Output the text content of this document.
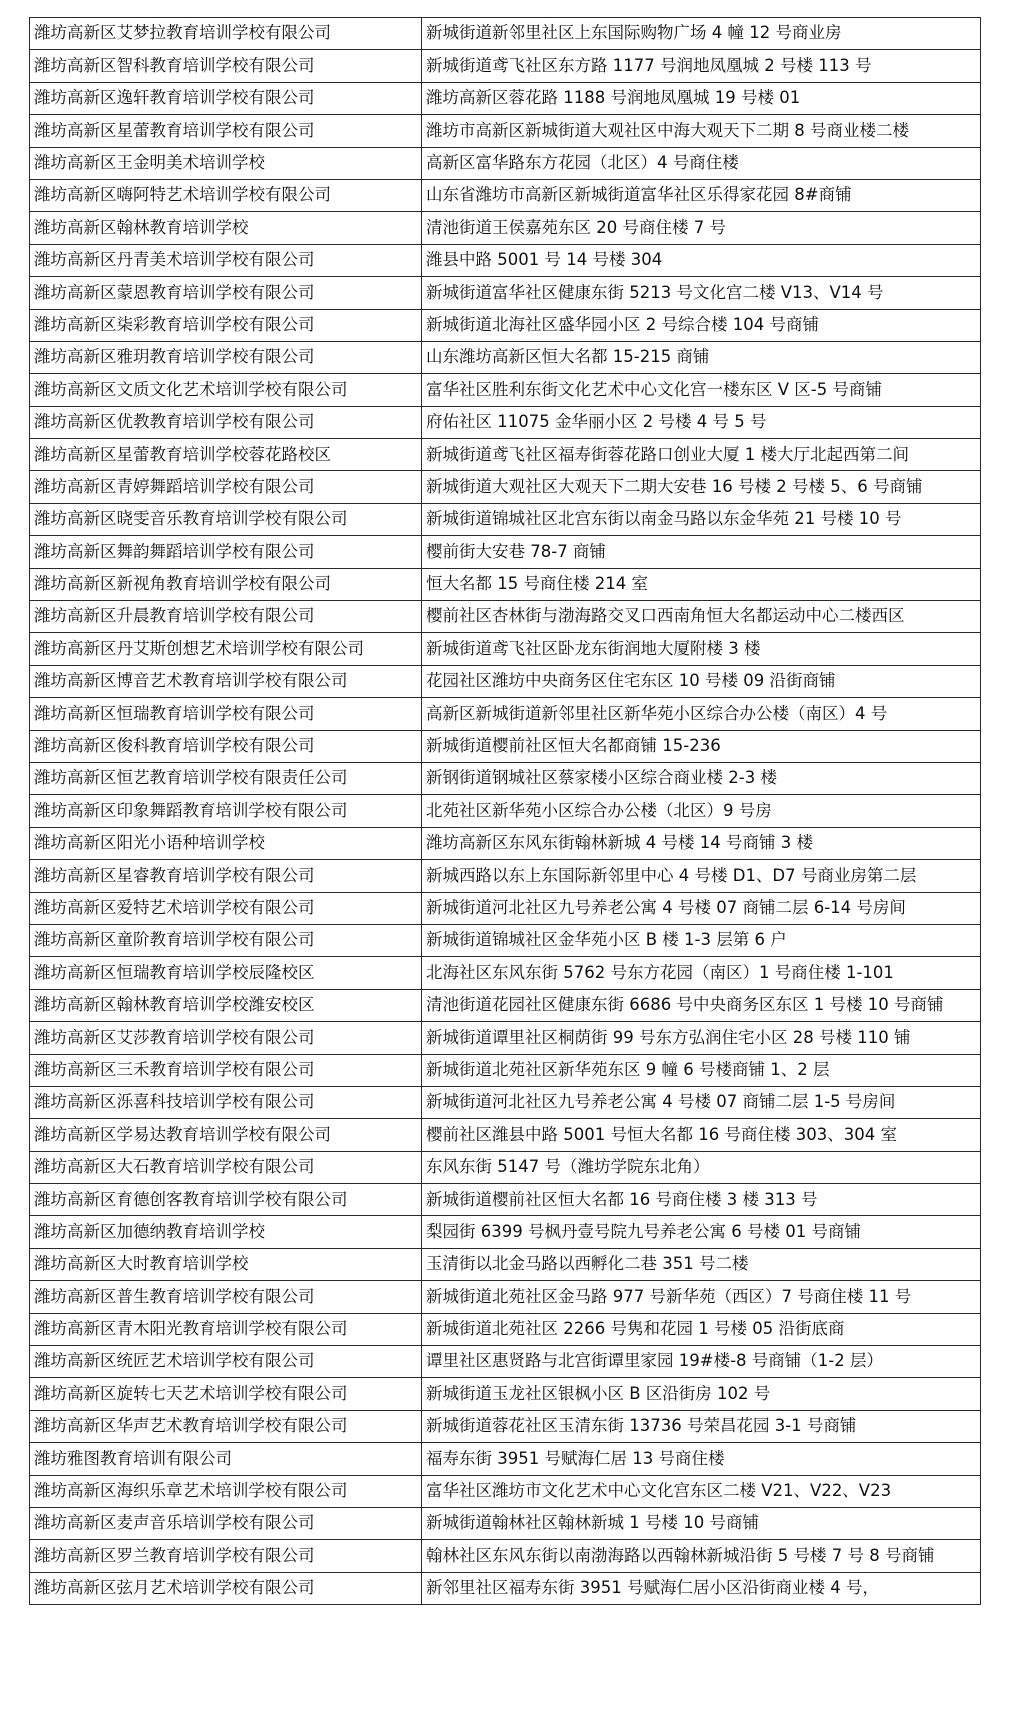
潍坊高新区艾梦拉教育培训学校有限公司	新城街道新邻里社区上东国际购物广场 4 幢 12 号商业房
潍坊高新区智科教育培训学校有限公司	新城街道鸢飞社区东方路 1177 号润地凤凰城 2 号楼 113 号
潍坊高新区逸轩教育培训学校有限公司	潍坊高新区蓉花路 1188 号润地凤凰城 19 号楼 01
潍坊高新区星蕾教育培训学校有限公司	潍坊市高新区新城街道大观社区中海大观天下二期 8 号商业楼二楼
潍坊高新区王金明美术培训学校	高新区富华路东方花园（北区）4 号商住楼
潍坊高新区嗨阿特艺术培训学校有限公司	山东省潍坊市高新区新城街道富华社区乐得家花园 8#商铺
潍坊高新区翰林教育培训学校	清池街道王侯嘉苑东区 20 号商住楼 7 号
潍坊高新区丹青美术培训学校有限公司	潍县中路 5001 号 14 号楼 304
潍坊高新区蒙恩教育培训学校有限公司	新城街道富华社区健康东街 5213 号文化宫二楼 V13、V14 号
潍坊高新区柒彩教育培训学校有限公司	新城街道北海社区盛华园小区 2 号综合楼 104 号商铺
潍坊高新区雅玥教育培训学校有限公司	山东潍坊高新区恒大名都 15-215 商铺
潍坊高新区文质文化艺术培训学校有限公司	富华社区胜利东街文化艺术中心文化宫一楼东区 V 区-5 号商铺
潍坊高新区优教教育培训学校有限公司	府佑社区 11075 金华丽小区 2 号楼 4 号 5 号
潍坊高新区星蕾教育培训学校蓉花路校区	新城街道鸢飞社区福寿街蓉花路口创业大厦 1 楼大厅北起西第二间
潍坊高新区青婷舞蹈培训学校有限公司	新城街道大观社区大观天下二期大安巷 16 号楼 2 号楼 5、6 号商铺
潍坊高新区晓雯音乐教育培训学校有限公司	新城街道锦城社区北宫东街以南金马路以东金华苑 21 号楼 10 号
潍坊高新区舞韵舞蹈培训学校有限公司	樱前街大安巷 78-7 商铺
潍坊高新区新视角教育培训学校有限公司	恒大名都 15 号商住楼 214 室
潍坊高新区升晨教育培训学校有限公司	樱前社区杏林街与渤海路交叉口西南角恒大名都运动中心二楼西区
潍坊高新区丹艾斯创想艺术培训学校有限公司	新城街道鸢飞社区卧龙东街润地大厦附楼 3 楼
潍坊高新区博音艺术教育培训学校有限公司	花园社区潍坊中央商务区住宅东区 10 号楼 09 沿街商铺
潍坊高新区恒瑞教育培训学校有限公司	高新区新城街道新邻里社区新华苑小区综合办公楼（南区）4 号
潍坊高新区俊科教育培训学校有限公司	新城街道樱前社区恒大名都商铺 15-236
潍坊高新区恒艺教育培训学校有限责任公司	新钢街道钢城社区蔡家楼小区综合商业楼 2-3 楼
潍坊高新区印象舞蹈教育培训学校有限公司	北苑社区新华苑小区综合办公楼（北区）9 号房
潍坊高新区阳光小语种培训学校	潍坊高新区东风东街翰林新城 4 号楼 14 号商铺 3 楼
潍坊高新区星睿教育培训学校有限公司	新城西路以东上东国际新邻里中心 4 号楼 D1、D7 号商业房第二层
潍坊高新区爱特艺术培训学校有限公司	新城街道河北社区九号养老公寓 4 号楼 07 商铺二层 6-14 号房间
潍坊高新区童阶教育培训学校有限公司	新城街道锦城社区金华苑小区 B 楼 1-3 层第 6 户
潍坊高新区恒瑞教育培训学校辰隆校区	北海社区东风东街 5762 号东方花园（南区）1 号商住楼 1-101
潍坊高新区翰林教育培训学校潍安校区	清池街道花园社区健康东街 6686 号中央商务区东区 1 号楼 10 号商铺
潍坊高新区艾莎教育培训学校有限公司	新城街道谭里社区桐荫街 99 号东方弘润住宅小区 28 号楼 110 铺
潍坊高新区三禾教育培训学校有限公司	新城街道北苑社区新华苑东区 9 幢 6 号楼商铺 1、2 层
潍坊高新区泺喜科技培训学校有限公司	新城街道河北社区九号养老公寓 4 号楼 07 商铺二层 1-5 号房间
潍坊高新区学易达教育培训学校有限公司	樱前社区潍县中路 5001 号恒大名都 16 号商住楼 303、304 室
潍坊高新区大石教育培训学校有限公司	东风东街 5147 号（潍坊学院东北角）
潍坊高新区育德创客教育培训学校有限公司	新城街道樱前社区恒大名都 16 号商住楼 3 楼 313 号
潍坊高新区加德纳教育培训学校	梨园街 6399 号枫丹壹号院九号养老公寓 6 号楼 01 号商铺
潍坊高新区大时教育培训学校	玉清街以北金马路以西孵化二巷 351 号二楼
潍坊高新区普生教育培训学校有限公司	新城街道北苑社区金马路 977 号新华苑（西区）7 号商住楼 11 号
潍坊高新区青木阳光教育培训学校有限公司	新城街道北苑社区 2266 号隽和花园 1 号楼 05 沿街底商
潍坊高新区统匠艺术培训学校有限公司	谭里社区惠贤路与北宫街谭里家园 19#楼-8 号商铺（1-2 层）
潍坊高新区旋转七天艺术培训学校有限公司	新城街道玉龙社区银枫小区 B 区沿街房 102 号
潍坊高新区华声艺术教育培训学校有限公司	新城街道蓉花社区玉清东街 13736 号荣昌花园 3-1 号商铺
潍坊雅图教育培训有限公司	福寿东街 3951 号赋海仁居 13 号商住楼
潍坊高新区海织乐章艺术培训学校有限公司	富华社区潍坊市文化艺术中心文化宫东区二楼 V21、V22、V23
潍坊高新区麦声音乐培训学校有限公司	新城街道翰林社区翰林新城 1 号楼 10 号商铺
潍坊高新区罗兰教育培训学校有限公司	翰林社区东风东街以南渤海路以西翰林新城沿街 5 号楼 7 号 8 号商铺
潍坊高新区弦月艺术培训学校有限公司	新邻里社区福寿东街 3951 号赋海仁居小区沿街商业楼 4 号，
